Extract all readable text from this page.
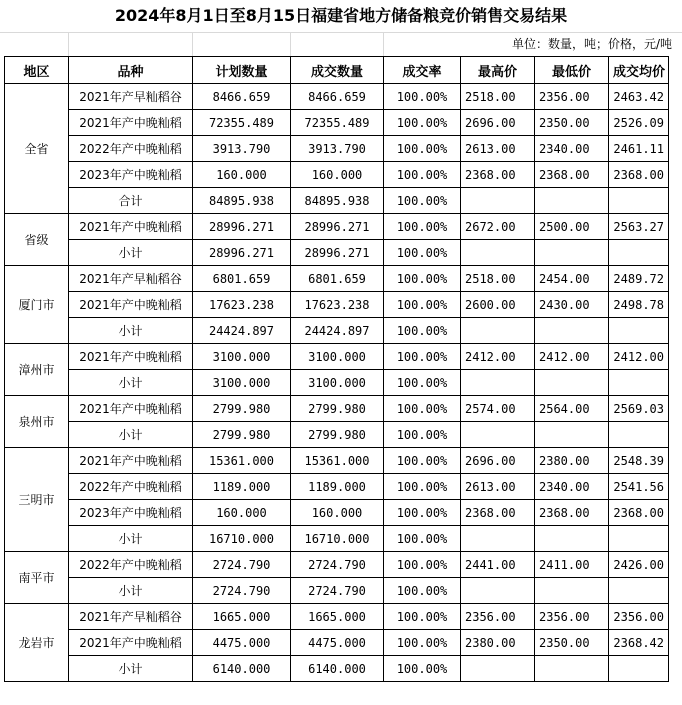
2024年8月1日至8月15日福建省地方储备粮竞价销售交易结果
单位：数量，吨；价格，元/吨
地区	品种	计划数量	成交数量	成交率	最高价	最低价	成交均价
全省	2021年产早籼稻谷	8466.659	8466.659	100.00%	2518.00	2356.00	2463.42
	2021年产中晚籼稻	72355.489	72355.489	100.00%	2696.00	2350.00	2526.09
	2022年产中晚籼稻	3913.790	3913.790	100.00%	2613.00	2340.00	2461.11
	2023年产中晚籼稻	160.000	160.000	100.00%	2368.00	2368.00	2368.00
	合计	84895.938	84895.938	100.00%			
省级	2021年产中晚籼稻	28996.271	28996.271	100.00%	2672.00	2500.00	2563.27
	小计	28996.271	28996.271	100.00%			
厦门市	2021年产早籼稻谷	6801.659	6801.659	100.00%	2518.00	2454.00	2489.72
	2021年产中晚籼稻	17623.238	17623.238	100.00%	2600.00	2430.00	2498.78
	小计	24424.897	24424.897	100.00%			
漳州市	2021年产中晚籼稻	3100.000	3100.000	100.00%	2412.00	2412.00	2412.00
	小计	3100.000	3100.000	100.00%			
泉州市	2021年产中晚籼稻	2799.980	2799.980	100.00%	2574.00	2564.00	2569.03
	小计	2799.980	2799.980	100.00%			
三明市	2021年产中晚籼稻	15361.000	15361.000	100.00%	2696.00	2380.00	2548.39
	2022年产中晚籼稻	1189.000	1189.000	100.00%	2613.00	2340.00	2541.56
	2023年产中晚籼稻	160.000	160.000	100.00%	2368.00	2368.00	2368.00
	小计	16710.000	16710.000	100.00%			
南平市	2022年产中晚籼稻	2724.790	2724.790	100.00%	2441.00	2411.00	2426.00
	小计	2724.790	2724.790	100.00%			
龙岩市	2021年产早籼稻谷	1665.000	1665.000	100.00%	2356.00	2356.00	2356.00
	2021年产中晚籼稻	4475.000	4475.000	100.00%	2380.00	2350.00	2368.42
	小计	6140.000	6140.000	100.00%			
